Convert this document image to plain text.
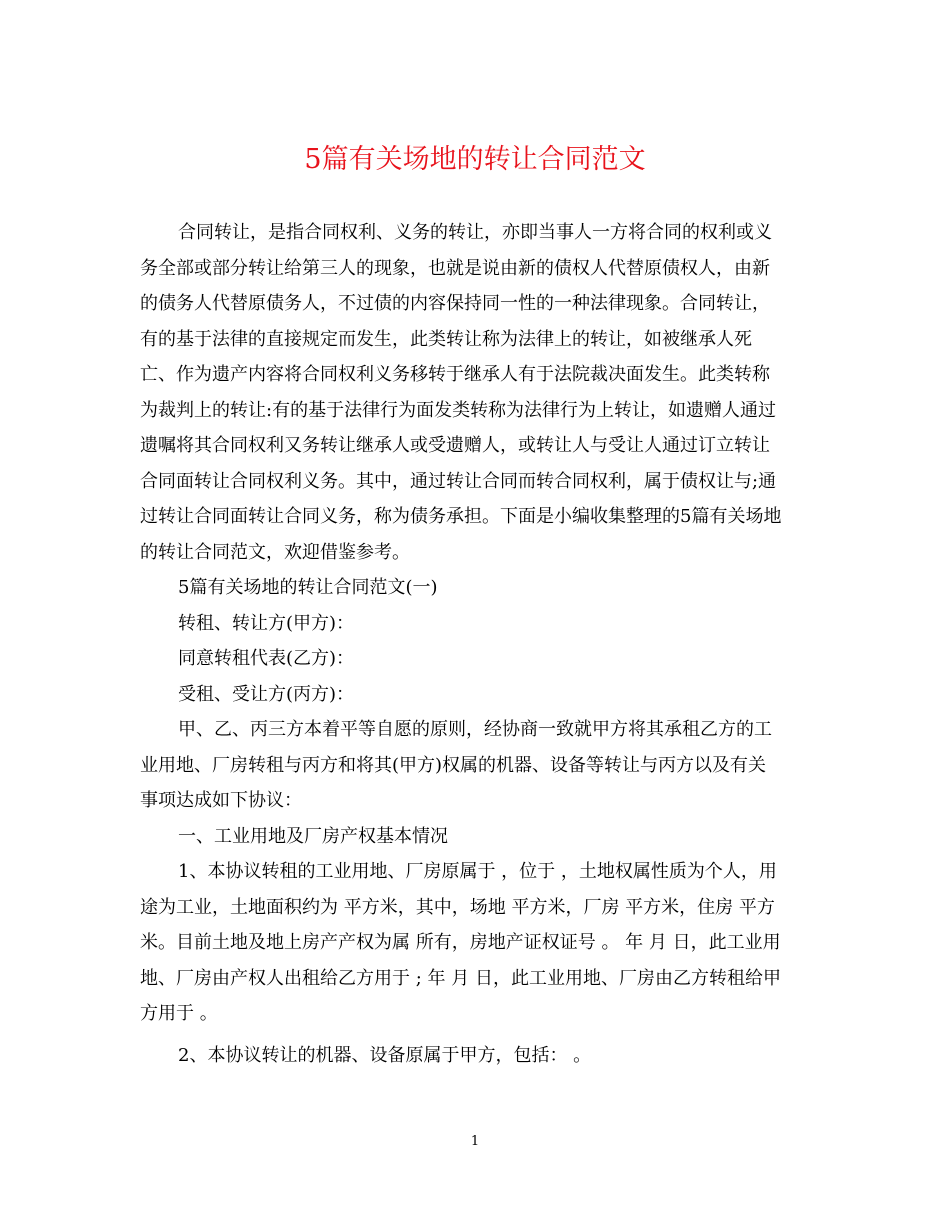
5篇有关场地的转让合同范文
合同转让，是指合同权利、义务的转让，亦即当事人一方将合同的权利或义
务全部或部分转让给第三人的现象，也就是说由新的债权人代替原债权人，由新
的债务人代替原债务人，不过债的内容保持同一性的一种法律现象。合同转让，
有的基于法律的直接规定而发生，此类转让称为法律上的转让，如被继承人死
亡、作为遗产内容将合同权利义务移转于继承人有于法院裁决面发生。此类转称
为裁判上的转让:有的基于法律行为面发类转称为法律行为上转让，如遗赠人通过
遗嘱将其合同权利又务转让继承人或受遗赠人，或转让人与受让人通过订立转让
合同面转让合同权利义务。其中，通过转让合同而转合同权利，属于债权让与;通
过转让合同面转让合同义务，称为债务承担。下面是小编收集整理的5篇有关场地
的转让合同范文，欢迎借鉴参考。
5篇有关场地的转让合同范文(一)
转租、转让方(甲方)：
同意转租代表(乙方)：
受租、受让方(丙方)：
甲、乙、丙三方本着平等自愿的原则，经协商一致就甲方将其承租乙方的工
业用地、厂房转租与丙方和将其(甲方)权属的机器、设备等转让与丙方以及有关
事项达成如下协议：
一、工业用地及厂房产权基本情况
1、本协议转租的工业用地、厂房原属于 ，位于 ，土地权属性质为个人，用
途为工业，土地面积约为 平方米，其中，场地 平方米，厂房 平方米，住房 平方
米。目前土地及地上房产产权为属 所有，房地产证权证号 。 年 月 日，此工业用
地、厂房由产权人出租给乙方用于 ; 年 月 日，此工业用地、厂房由乙方转租给甲
方用于 。
2、本协议转让的机器、设备原属于甲方，包括： 。
1
